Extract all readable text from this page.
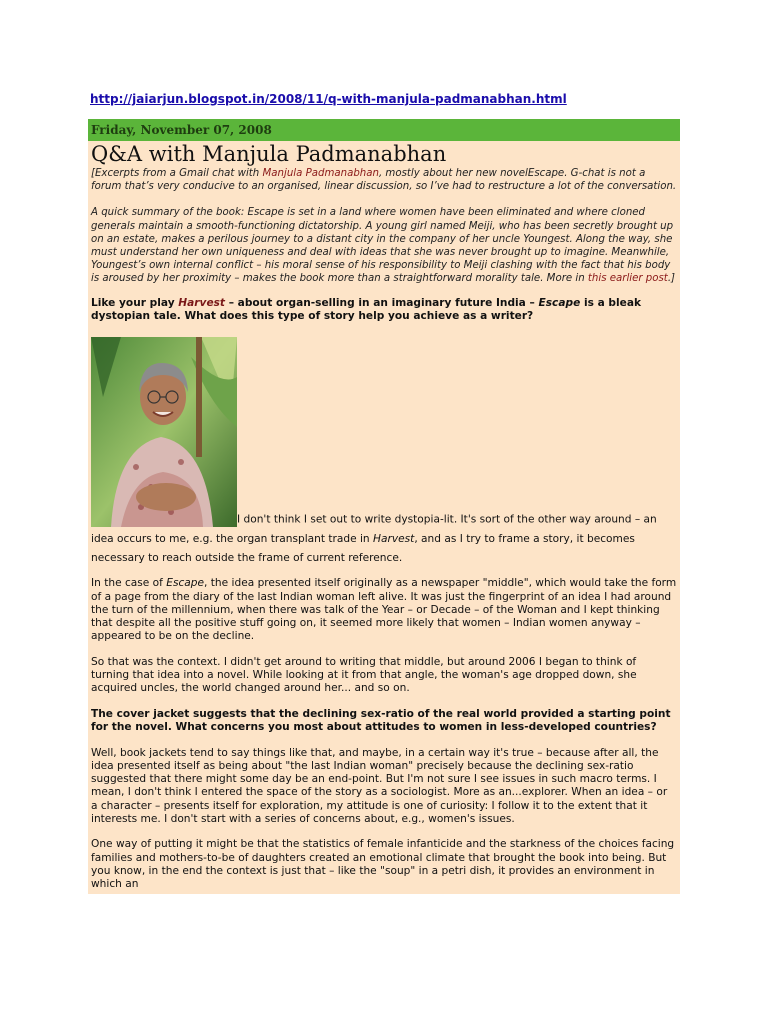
http://jaiarjun.blogspot.in/2008/11/q-with-manjula-padmanabhan.html
Friday, November 07, 2008
Q&A with Manjula Padmanabhan

[Excerpts from a Gmail chat with Manjula Padmanabhan, mostly about her new novelEscape. G-chat is not a forum that’s very conducive to an organised, linear discussion, so I’ve had to restructure a lot of the conversation.

A quick summary of the book: Escape is set in a land where women have been eliminated and where cloned generals maintain a smooth-functioning dictatorship. A young girl named Meiji, who has been secretly brought up on an estate, makes a perilous journey to a distant city in the company of her uncle Youngest. Along the way, she must understand her own uniqueness and deal with ideas that she was never brought up to imagine. Meanwhile, Youngest’s own internal conflict – his moral sense of his responsibility to Meiji clashing with the fact that his body is aroused by her proximity – makes the book more than a straightforward morality tale. More in this earlier post.]

Like your play Harvest – about organ-selling in an imaginary future India – Escape is a bleak dystopian tale. What does this type of story help you achieve as a writer?

I don't think I set out to write dystopia-lit. It's sort of the other way around – an idea occurs to me, e.g. the organ transplant trade in Harvest, and as I try to frame a story, it becomes necessary to reach outside the frame of current reference.

In the case of Escape, the idea presented itself originally as a newspaper "middle", which would take the form of a page from the diary of the last Indian woman left alive. It was just the fingerprint of an idea I had around the turn of the millennium, when there was talk of the Year – or Decade – of the Woman and I kept thinking that despite all the positive stuff going on, it seemed more likely that women – Indian women anyway – appeared to be on the decline.

So that was the context. I didn't get around to writing that middle, but around 2006 I began to think of turning that idea into a novel. While looking at it from that angle, the woman's age dropped down, she acquired uncles, the world changed around her... and so on.

The cover jacket suggests that the declining sex-ratio of the real world provided a starting point for the novel. What concerns you most about attitudes to women in less-developed countries?

Well, book jackets tend to say things like that, and maybe, in a certain way it's true – because after all, the idea presented itself as being about "the last Indian woman" precisely because the declining sex-ratio suggested that there might some day be an end-point. But I'm not sure I see issues in such macro terms. I mean, I don't think I entered the space of the story as a sociologist. More as an...explorer. When an idea – or a character – presents itself for exploration, my attitude is one of curiosity: I follow it to the extent that it interests me. I don't start with a series of concerns about, e.g., women's issues.

One way of putting it might be that the statistics of female infanticide and the starkness of the choices facing families and mothers-to-be of daughters created an emotional climate that brought the book into being. But you know, in the end the context is just that – like the "soup" in a petri dish, it provides an environment in which an
